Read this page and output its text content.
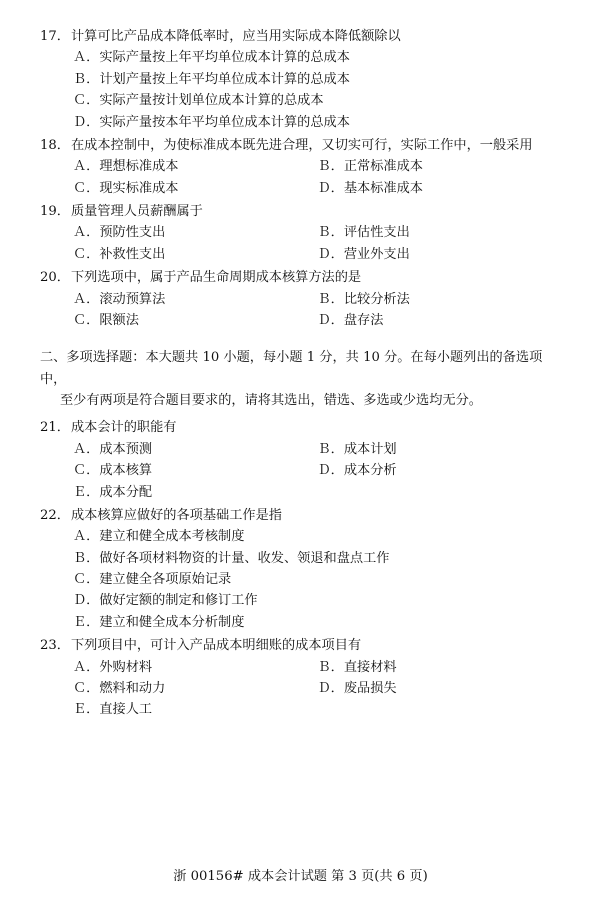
17． 计算可比产品成本降低率时，应当用实际成本降低额除以
Ａ．实际产量按上年平均单位成本计算的总成本
Ｂ．计划产量按上年平均单位成本计算的总成本
Ｃ．实际产量按计划单位成本计算的总成本
Ｄ．实际产量按本年平均单位成本计算的总成本
18． 在成本控制中，为使标准成本既先进合理，又切实可行，实际工作中，一般采用
Ａ．理想标准成本	Ｂ．正常标准成本
Ｃ．现实标准成本	Ｄ．基本标准成本
19． 质量管理人员薪酬属于
Ａ．预防性支出	Ｂ．评估性支出
Ｃ．补救性支出	Ｄ．营业外支出
20． 下列选项中，属于产品生命周期成本核算方法的是
Ａ．滚动预算法	Ｂ．比较分析法
Ｃ．限额法	Ｄ．盘存法
二、多项选择题：本大题共 10 小题，每小题 1 分，共 10 分。在每小题列出的备选项中，
至少有两项是符合题目要求的，请将其选出，错选、多选或少选均无分。
21． 成本会计的职能有
Ａ．成本预测	Ｂ．成本计划
Ｃ．成本核算	Ｄ．成本分析
Ｅ．成本分配
22． 成本核算应做好的各项基础工作是指
Ａ．建立和健全成本考核制度
Ｂ．做好各项材料物资的计量、收发、领退和盘点工作
Ｃ．建立健全各项原始记录
Ｄ．做好定额的制定和修订工作
Ｅ．建立和健全成本分析制度
23． 下列项目中，可计入产品成本明细账的成本项目有
Ａ．外购材料	Ｂ．直接材料
Ｃ．燃料和动力	Ｄ．废品损失
Ｅ．直接人工
浙 00156# 成本会计试题 第 3 页(共 6 页)
